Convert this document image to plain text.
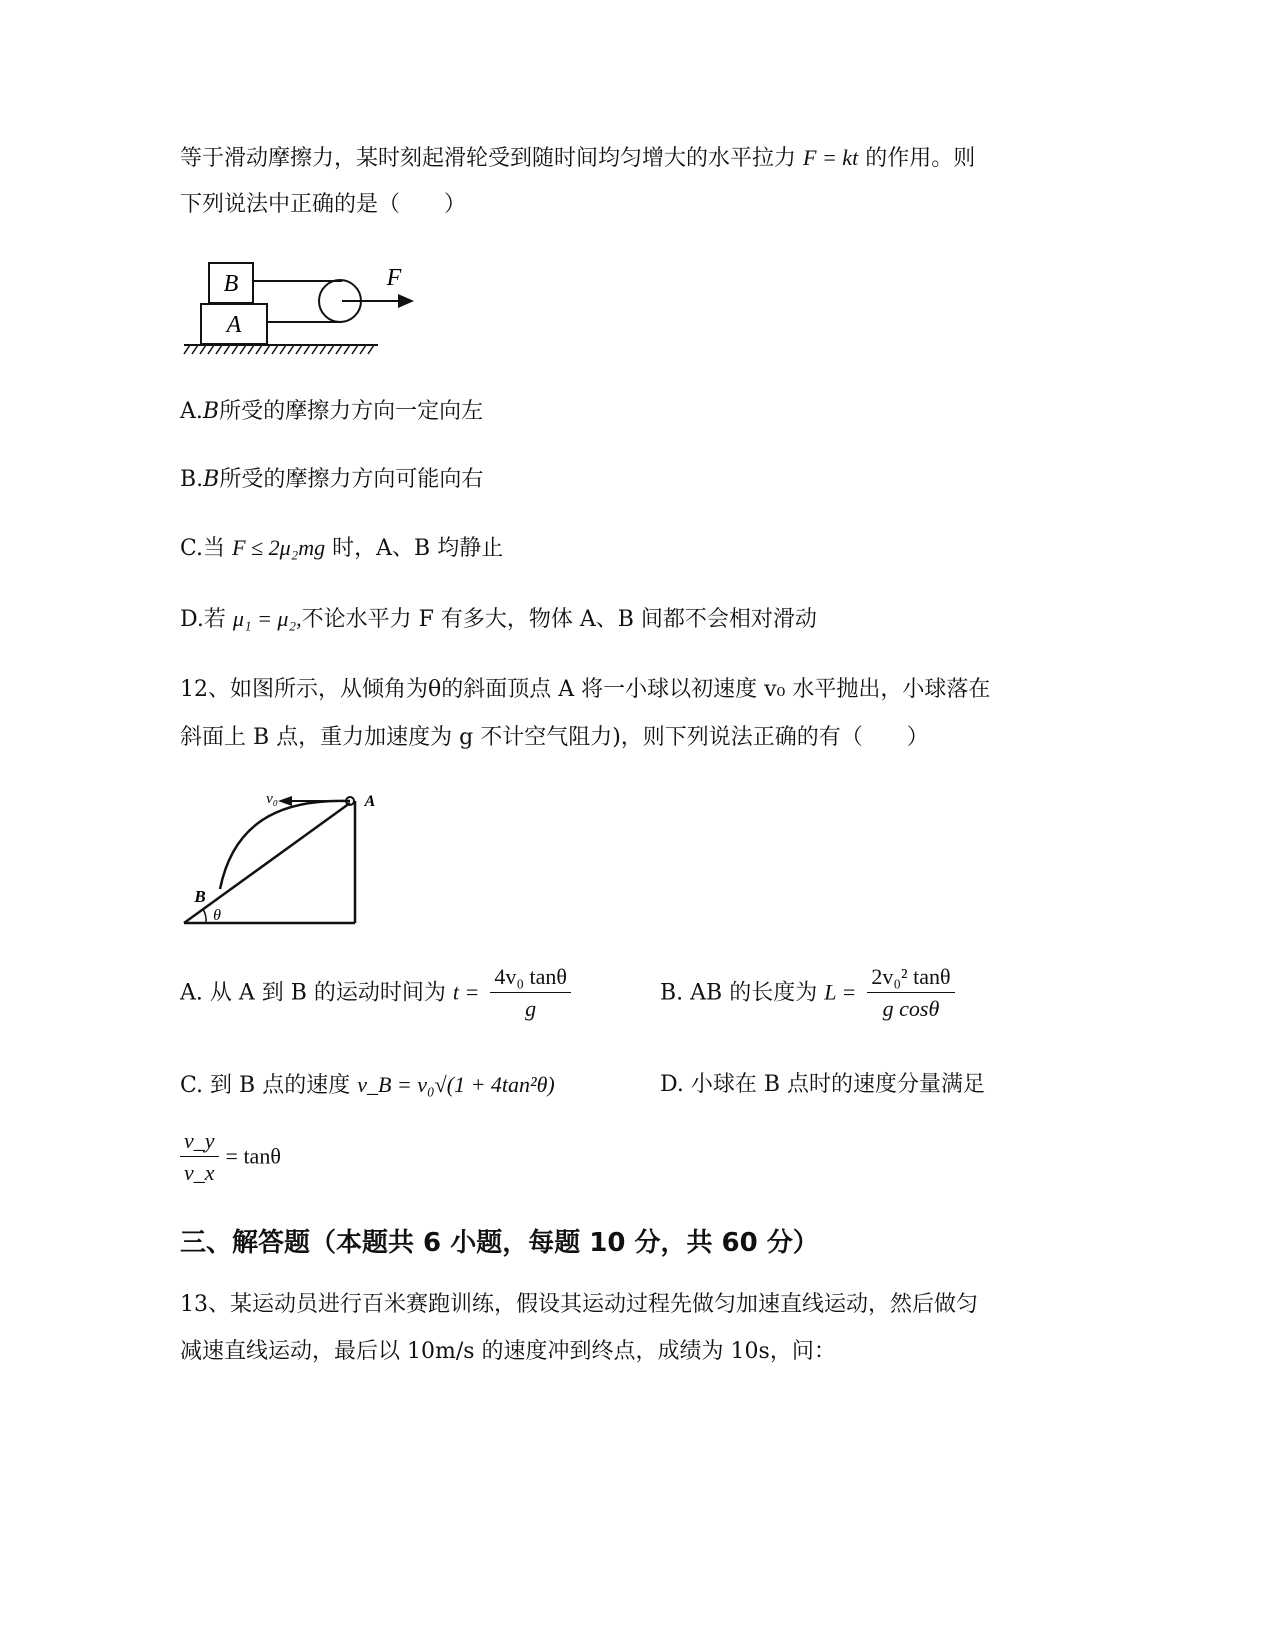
等于滑动摩擦力，某时刻起滑轮受到随时间均匀增大的水平拉力 F = kt 的作用。则
下列说法中正确的是（　　）
B
A
F
A.B所受的摩擦力方向一定向左
B.B所受的摩擦力方向可能向右
C.当 F ≤ 2μ₂mg 时，A、B 均静止
D.若 μ₁ = μ₂,不论水平力 F 有多大，物体 A、B 间都不会相对滑动
12、如图所示，从倾角为θ的斜面顶点 A 将一小球以初速度 v₀ 水平抛出，小球落在
斜面上 B 点，重力加速度为 g 不计空气阻力)，则下列说法正确的有（　　）
v₀	A
B
θ
A. 从 A 到 B 的运动时间为 $t = \frac{\text{4v₀ tanθ}}{g}$	B. AB 的长度为 $L = \frac{\text{2v₀² tanθ}}{\text{g cosθ}}$
C. 到 B 点的速度 v_B = v₀√(1 + 4tan²θ)	D. 小球在 B 点时的速度分量满足
$\frac{v\_y}{v\_x} = \tan\theta$
三、解答题（本题共 6 小题，每题 10 分，共 60 分）
13、某运动员进行百米赛跑训练，假设其运动过程先做匀加速直线运动，然后做匀
减速直线运动，最后以 10m/s 的速度冲到终点，成绩为 10s，问：
